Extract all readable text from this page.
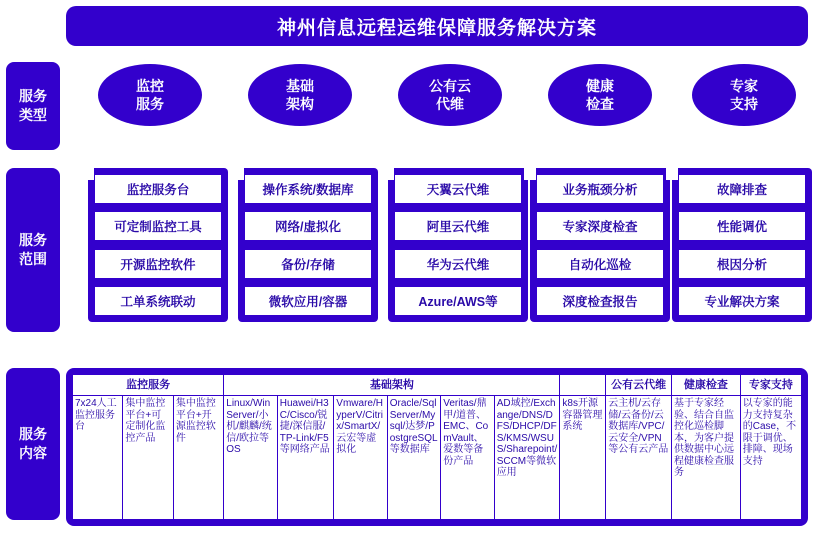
神州信息远程运维保障服务解决方案
服务
类型
服务
范围
服务
内容
监控
服务
基础
架构
公有云
代维
健康
检查
专家
支持
监控服务台
可定制监控工具
开源监控软件
工单系统联动
操作系统/数据库
网络/虚拟化
备份/存储
微软应用/容器
天翼云代维
阿里云代维
华为云代维
Azure/AWS等
业务瓶颈分析
专家深度检查
自动化巡检
深度检查报告
故障排查
性能调优
根因分析
专业解决方案
监控服务			基础架构							公有云代维	健康检查	专家支持
7x24人工监控服务台	集中监控平台+可定制化监控产品	集中监控平台+开源监控软件	Linux/Win Server/小机/麒麟/统信/欧拉等OS	Huawei/H3C/Cisco/锐捷/深信服/TP-Link/F5等网络产品	Vmware/HyperV/Citrix/SmartX/云宏等虚拟化	Oracle/SqlServer/Mysql/达梦/PostgreSQL等数据库	Veritas/鼎甲/道普、EMC、ComVault、爱数等备份产品	AD域控/Exchange/DNS/DFS/DHCP/DFS/KMS/WSUS/Sharepoint/SCCM等微软应用	k8s开源容器管理系统	云主机/云存储/云备份/云数据库/VPC/云安全/VPN等公有云产品	基于专家经验、结合自监控化巡检脚本，为客户提供数据中心远程健康检查服务	以专家的能力支持复杂的Case，不限于调优、排障、现场支持
